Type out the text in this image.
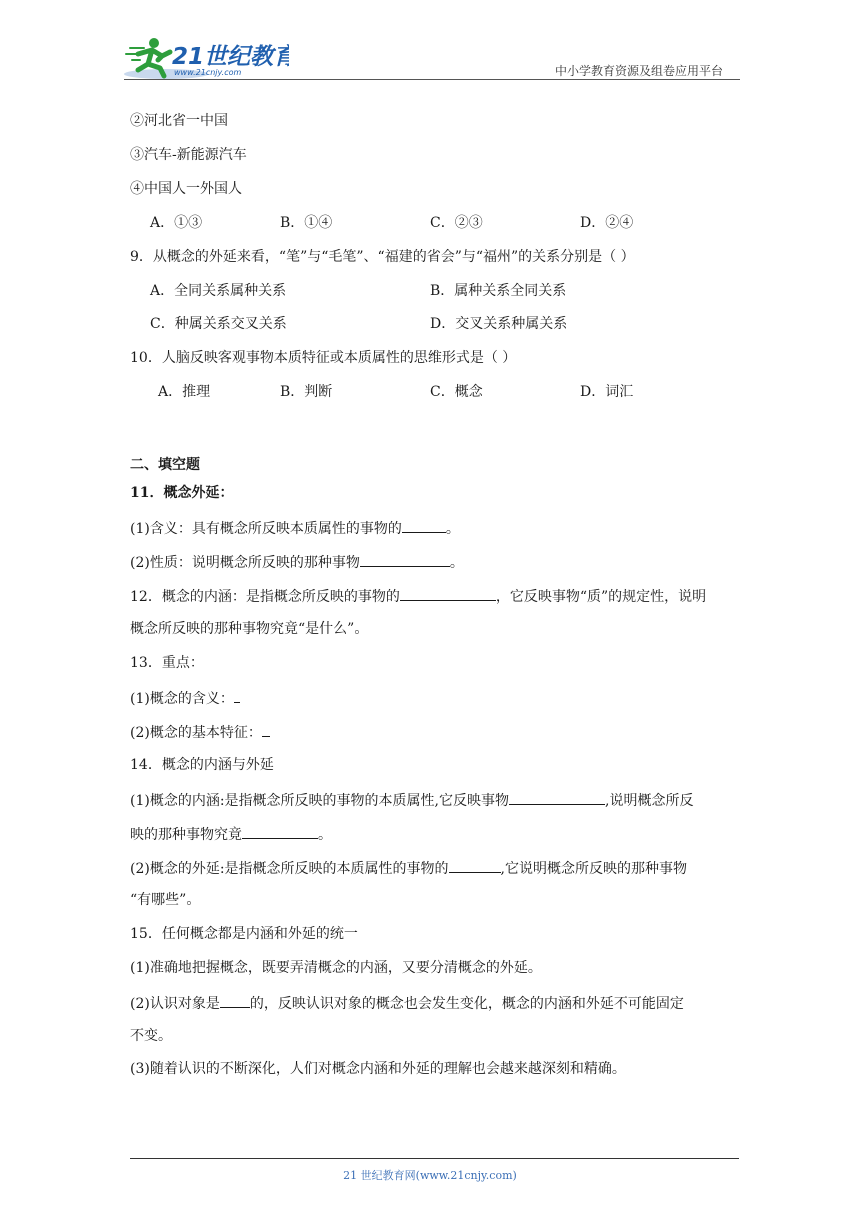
21世纪教育
www.21cnjy.com	中小学教育资源及组卷应用平台
②河北省一中国
③汽车-新能源汽车
④中国人一外国人
A．①③	B．①④	C．②③	D．②④
9．从概念的外延来看，“笔”与“毛笔”、“福建的省会”与“福州”的关系分别是（ ）
A．全同关系属种关系	B．属种关系全同关系
C．种属关系交叉关系	D．交叉关系种属关系
10．人脑反映客观事物本质特征或本质属性的思维形式是（ ）
A．推理	B．判断	C．概念	D．词汇
二、填空题
11．概念外延：
(1)含义：具有概念所反映本质属性的事物的	。
(2)性质：说明概念所反映的那种事物	。
12．概念的内涵：是指概念所反映的事物的	，它反映事物“质”的规定性，说明
概念所反映的那种事物究竟“是什么”。
13．重点：
(1)概念的含义：
(2)概念的基本特征：
14．概念的内涵与外延
(1)概念的内涵:是指概念所反映的事物的本质属性,它反映事物	,说明概念所反
映的那种事物究竟	。
(2)概念的外延:是指概念所反映的本质属性的事物的	,它说明概念所反映的那种事物
“有哪些”。
15．任何概念都是内涵和外延的统一
(1)准确地把握概念，既要弄清概念的内涵，又要分清概念的外延。
(2)认识对象是 的，反映认识对象的概念也会发生变化，概念的内涵和外延不可能固定
不变。
(3)随着认识的不断深化，人们对概念内涵和外延的理解也会越来越深刻和精确。
21 世纪教育网(www.21cnjy.com)
